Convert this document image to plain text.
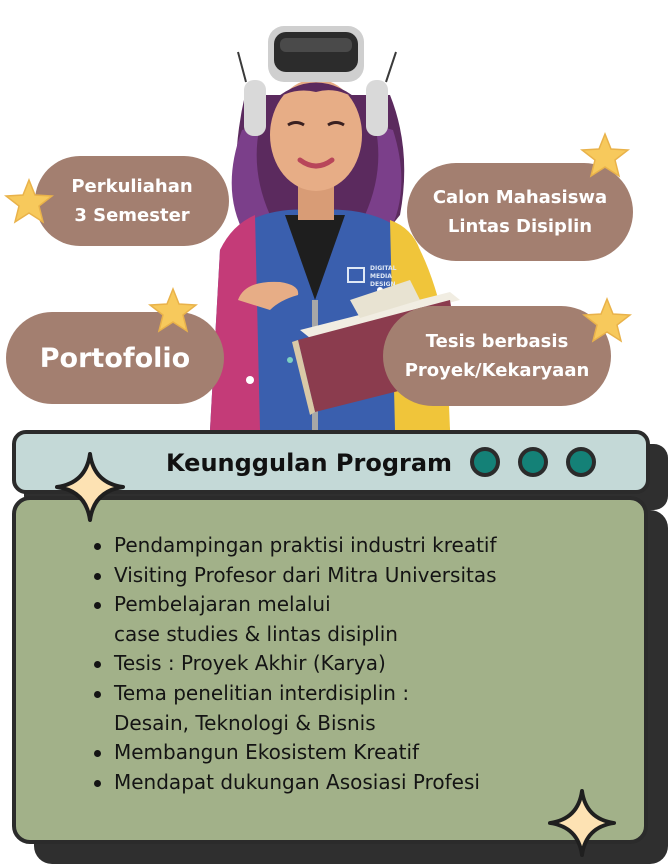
DIGITAL
MEDIA
DESIGN
Perkuliahan
3 Semester
Calon Mahasiswa
Lintas Disiplin
Portofolio
Tesis berbasis
Proyek/Kekaryaan
Keunggulan Program
Pendampingan praktisi industri kreatif
Visiting Profesor dari Mitra Universitas
Pembelajaran melalui
case studies & lintas disiplin
Tesis : Proyek Akhir (Karya)
Tema penelitian interdisiplin :
Desain, Teknologi & Bisnis
Membangun Ekosistem Kreatif
Mendapat dukungan Asosiasi Profesi
